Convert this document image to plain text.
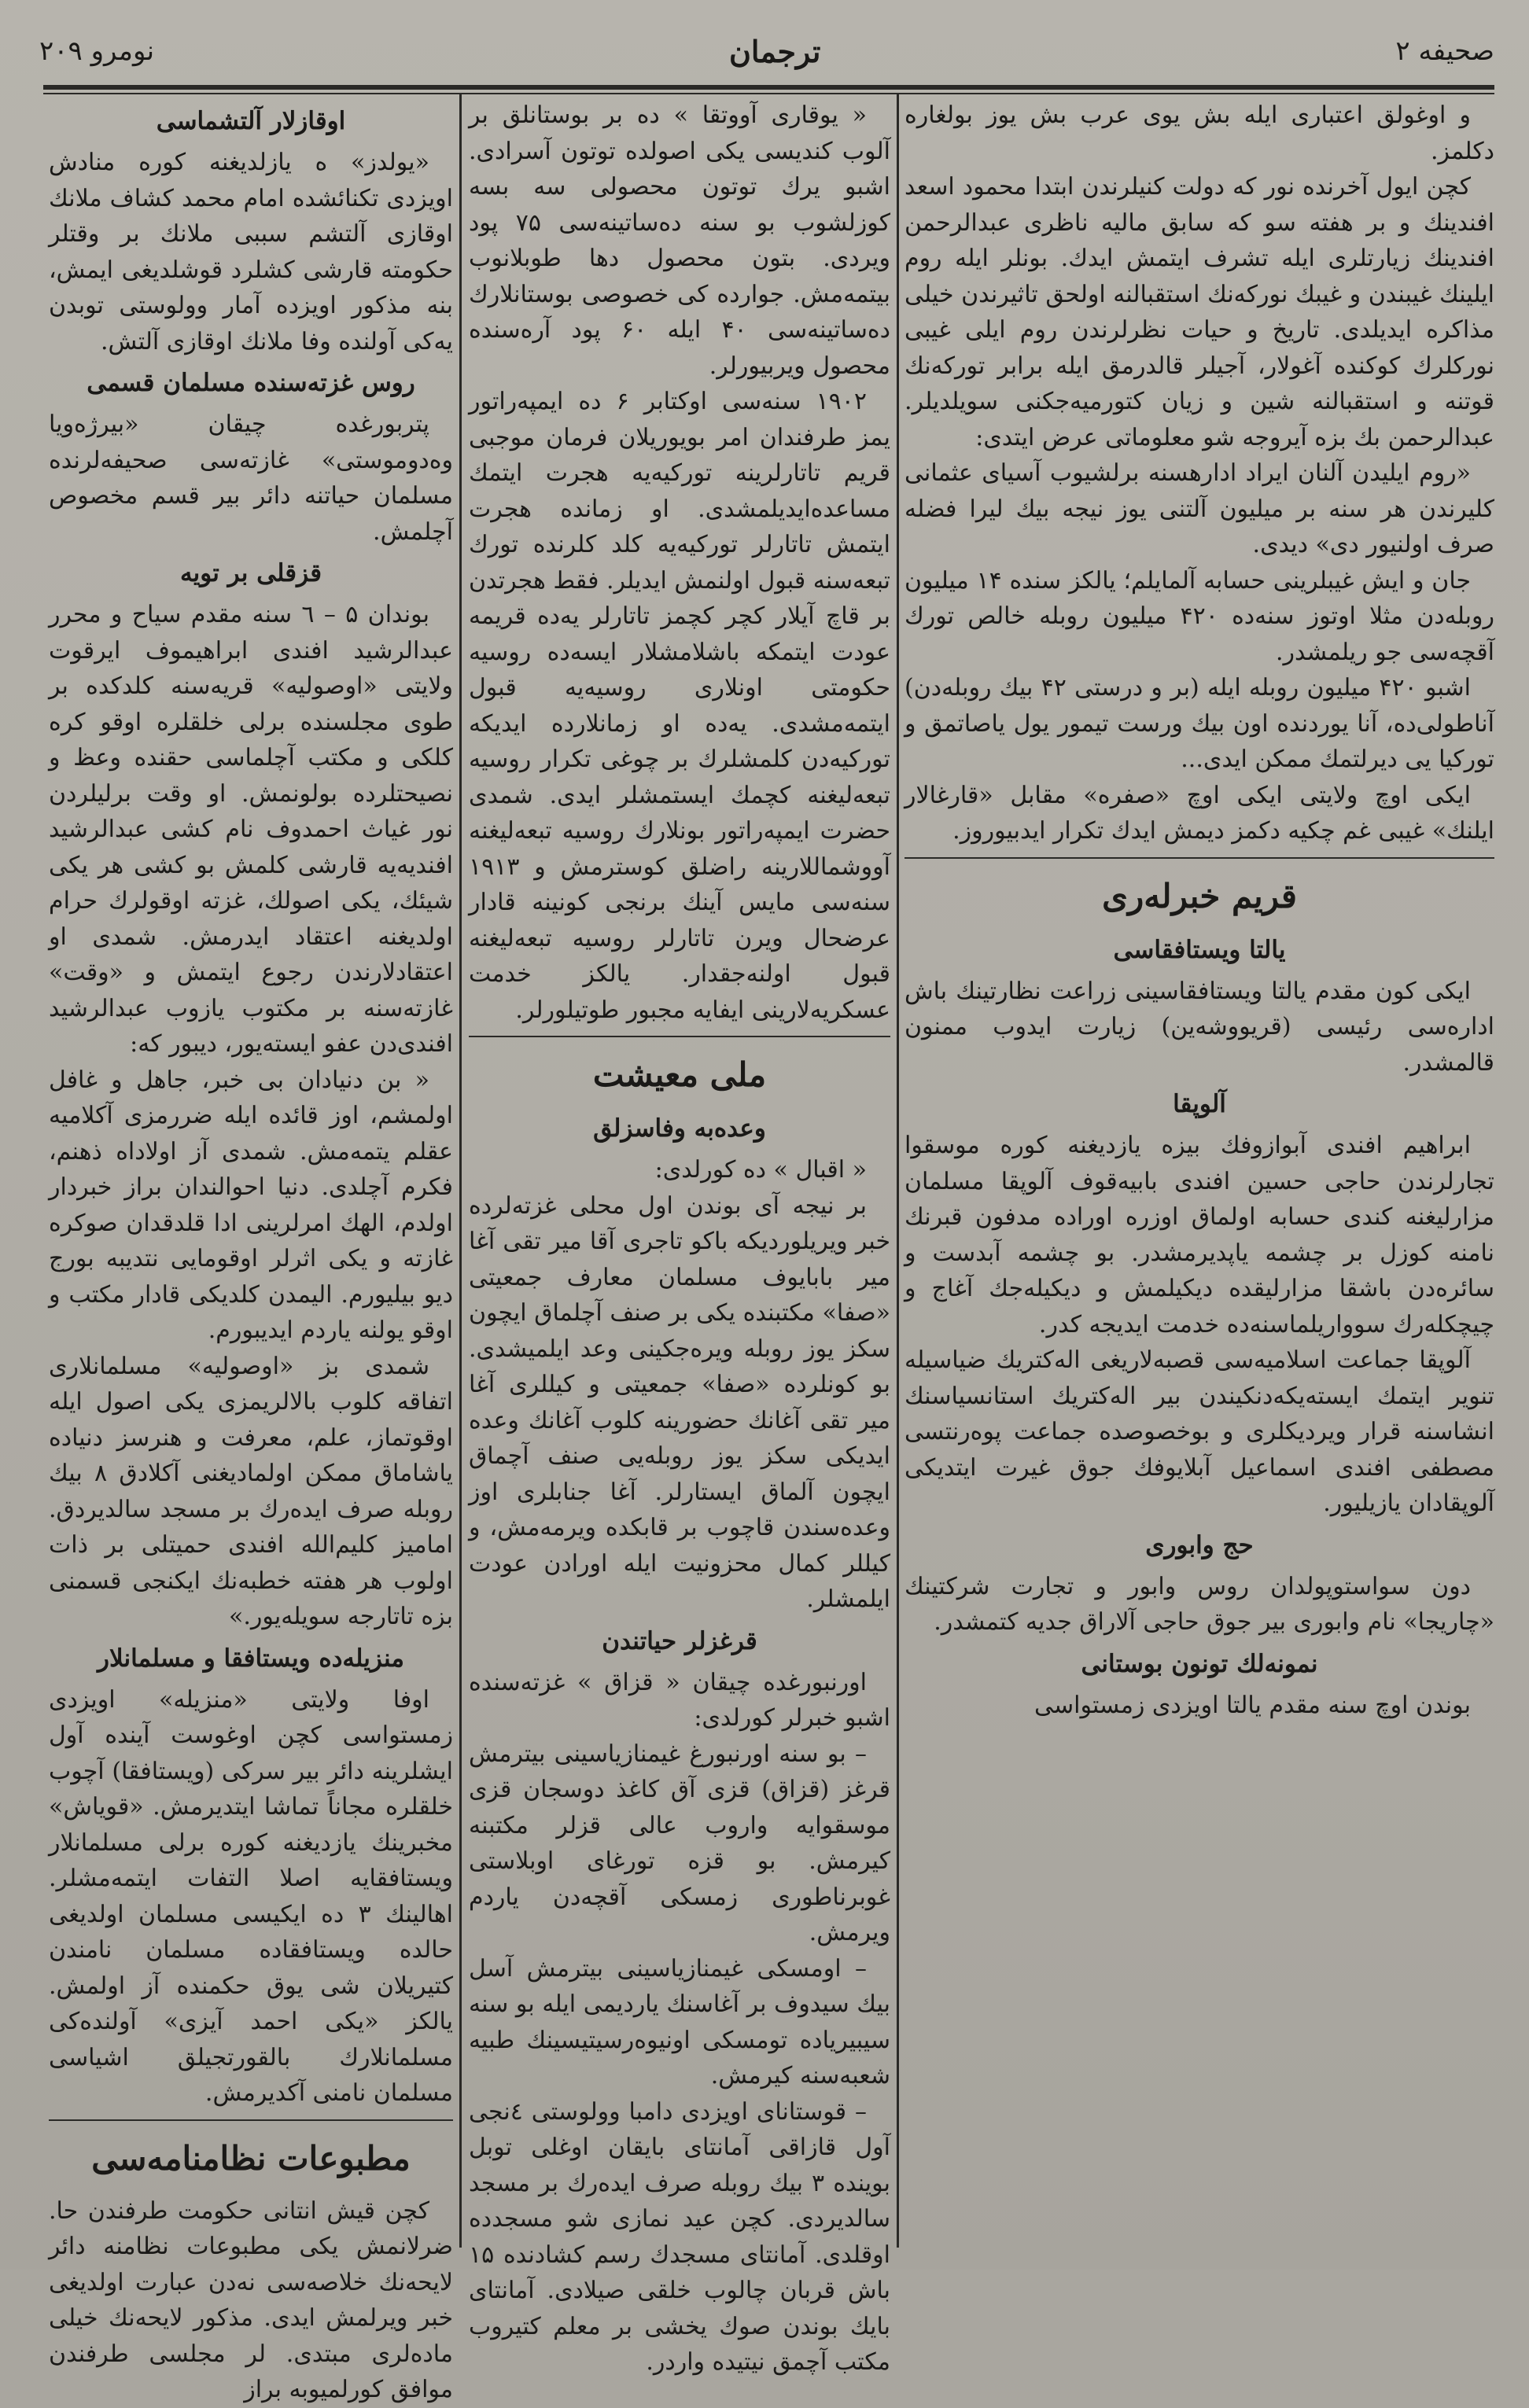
صحیفه ۲
ترجمان
نومرو ۲۰۹

و اوغولق اعتباری ایله‌ بش یوی عرب بش یوز بولغاره دکلمز.

کچن ایول آخرنده نور که دولت کنیلرندن ابتدا محمود اسعد افندینك و بر هفته سو که سابق مالیه ناظری عبدالرحمن افندینك زیارتلری ایله تشرف ایتمش ایدك. بونلر ایله روم ایلینك غیبندن و غیبك نورکه‌نك استقبالنه اولحق تاثیرندن خیلی مذاکره ایدیلدی. تاریخ و حیات نظرلرندن روم ایلی غیبی نورکلرك کوکنده آغولار، آجیلر قالدرمق ایله برابر تورکه‌نك قوتنه و استقبالنه شین و زیان کتورمیه‌جکنی سویلدیلر. عبدالرحمن بك بزه آیروجه شو معلوماتی عرض ایتدی:

«روم ایلیدن آلنان ایراد ادارهسنه برلشیوب آسیای عثمانی کلیرندن هر سنه بر میلیون آلتنی یوز نیجه بیك لیرا فضله صرف اولنیور دی» دیدی.

جان و ایش غیبلرینی حسابه آلمایلم؛ یالکز سنده ۱۴ میلیون روبله‌دن مثلا اوتوز سنه‌ده ۴۲۰ میلیون روبله خالص تورك آقچه‌سی جو ریلمشدر.

اشبو ۴۲۰ میلیون روبله ایله (بر و درستی ۴۲ بیك روبله‌دن) آناطولی‌ده، آنا یوردنده اون بیك ورست تیمور یول یاصاتمق و تورکیا یی دیرلتمك ممکن ایدی...

ایکی اوچ ولایتی ایکی اوچ «صفره» مقابل «قارغالار ایلنك» غیبی غم چکیه دکمز دیمش ایدك تکرار ایدبیوروز.

قریم خبرله‌ری
یالتا ویستافقاسی

ایکی کون مقدم یالتا ویستافقاسینی زراعت نظارتینك باش اداره‌سی رئیسی (قریووشه‌ین) زیارت ایدوب ممنون قالمشدر.

آلوپقا

ابراهیم افندی آبوازوفك بیزه یازدیغنه کوره موسقوا تجارلرندن حاجی حسین افندی بابیه‌قوف آلوپقا مسلمان مزارلیغنه کندی حسابه اولماق اوزره اوراده مدفون قبرنك نامنه کوزل بر چشمه یاپدیرمشدر. بو چشمه آبدست و سائره‌دن باشقا مزارلیقده دیکیلمش و دیکیله‌جك آغاج و چیچکله‌رك سوواریلماسنه‌ده خدمت ایدیجه کدر.

آلوپقا جماعت اسلامیه‌سی قصبه‌لاریغی اله‌کتریك ضیاسیله تنویر ایتمك ایسته‌یکه‌دنکیندن بیر اله‌کتریك استانسیاسنك انشاسنه قرار ویر‌دیکلری و بوخصوصده جماعت پوه‌رنتسی مصطفی افندی اسماعیل آبلایوفك جوق غیرت ایتدیکی آلوپقادان یازیلیور.

حج وابوری

دون سواستوپولدان روس وابور و تجارت شرکتینك «چاریجا» نام وابوری بیر جوق حاجی آلاراق جدیه کتمشدر.

نمونه‌لك تونون بوستانی

بوندن اوچ سنه مقدم یالتا اویزدی زمستواسی

« یوقاری آووتقا » ده بر بوستانلق بر آلوب کندیسی یکی اصولده توتون آسرادی. اشبو یرك توتون محصولی سه بسه کوزلشوب بو سنه ده‌ساتینه‌سی ۷۵ پود ویردی. بتون محصول دها طوبلانوب بیتمه‌مش. جوارده کی خصوصی بوستانلارك ده‌ساتینه‌سی ۴۰ ایله ۶۰ پود آره‌سنده محصول ویربیورلر.

۱۹۰۲ سنه‌سی اوکتابر ۶ ده ایمپه‌راتور یمز طرفندان امر بویوریلان فرمان موجبی قریم تاتارلرینه تورکیه‌یه هجرت ایتمك مساعده‌ایدیلمشدی. او زمانده هجرت ایتمش تاتارلر تورکیه‌یه کلد کلرنده تورك تبعه‌سنه قبول اولنمش ایدیلر. فقط هجرتدن بر قاچ آیلار کچر کچمز تاتارلر یه‌ده قریمه عودت ایتمکه باشلامشلار ایسه‌ده روسیه حکومتی اونلاری روسیه‌یه قبول ایتمه‌مشدی. یه‌ده او زمانلارده ایدیکه تورکیه‌دن کلمشلرك بر چوغی تکرار روسیه تبعه‌لیغنه کچمك ایستمشلر ایدی. شمدی حضرت ایمپه‌راتور بونلارك روسیه تبعه‌لیغنه آووشماللارینه راضلق کوسترمش و ۱۹۱۳ سنه‌سی مایس آینك برنجی کونینه قادار عرضحال ویرن تاتارلر روسیه تبعه‌لیغنه قبول اولنه‌جقدار. یالکز خدمت عسکریه‌لارینی ایفایه مجبور طوتیلورلر.

ملی معیشت
وعده‌به وفاسزلق

« اقبال » ده کورلدی:

بر نیجه آی بوندن اول محلی غزته‌لرده خبر ویریلوردیکه باکو تاجری آقا میر تقی آغا میر بابایوف مسلمان معارف جمعیتی «صفا» مکتبنده یکی بر صنف آچلماق ایچون سکز یوز روبله ویره‌جکینی وعد ایلمیشدی. بو کونلرده «صفا» جمعیتی و کیللری آغا میر تقی آغانك حضورینه کلوب آغانك وعده ایدیکی سکز یوز روبله‌یی صنف آچماق ایچون آلماق ایستارلر. آغا جنابلری اوز وعده‌سندن قاچوب بر قابکده ویرمه‌مش، و کیللر کمال محزونیت ایله اورادن عودت ایلمشلر.

قرغزلر حیاتندن

اورنبورغده چیقان « قزاق » غزته‌سنده اشبو خبرلر کورلدی:

– بو سنه اورنبورغ غیمنازیاسینی بیترمش قرغز (قزاق) قزی آق کاغذ دوسجان قزی موسقوایه واروب عالی قزلر مکتبنه کیرمش. بو قزه تورغای اوبلاستی غوبرناطوری زمسکی آقچه‌دن یاردم ویرمش.

– اومسکی غیمنازیاسینی بیترمش آسل بیك سیدوف بر آغاسنك یاردیمی ایله بو سنه سیبیریاده تومسکی اونیوه‌رسیتیسینك طبیه شعبه‌سنه کیرمش.

– قوستانای اویزدی دامبا وولوستی ٤نجی آول قازاقی آمانتای بایقان اوغلی توبل بوینده ۳ بیك روبله صرف ایده‌رك بر مسجد سالدیردی. کچن عید نمازی شو مسجدده اوقلدی. آمانتای مسجدك رسم کشادنده ۱۵ باش قربان چالوب خلقی صیلادی. آمانتای بایك بوندن صوك یخشی بر معلم کتیروب مکتب آچمق نیتیده واردر.

اوقازلار آلتشماسی

«یولدز» ه یازلدیغنه کوره منادش اویزدی تکنائشده امام محمد کشاف ملانك اوقازی آلتشم سببی ملانك بر وقتلر حکومته قارشی کشلرد قوشلدیغی ایمش، بنه مذکور اویزده آمار وولوستی توبدن یه‌کی آولنده وفا ملانك اوقازی آلتش.

روس غزته‌سنده مسلمان قسمی

پتربورغده چیقان «بیرژه‌ویا وه‌دوموستی» غازته‌سی صحیفه‌لرنده مسلمان حیاتنه دائر بیر قسم مخصوص آچلمش.

قزقلی بر تویه

بوندان ۵ – ٦ سنه مقدم سیاح و محرر عبدالرشید افندی ابراهیموف ایرقوت ولایتی «اوصولیه» قریه‌سنه کلدکده بر طوی مجلسنده برلی خلقلره اوقو کره کلکی و مکتب آچلماسی حقنده وعظ و نصیحتلرده بولونمش. او وقت برلیلردن نور غیاث احمدوف نام کشی عبدالرشید افندیه‌یه قارشی کلمش بو کشی هر یکی شیئك، یکی اصولك، غزته اوقولرك حرام اولدیغنه اعتقاد ایدرمش. شمدی او اعتقادلارندن رجوع ایتمش و «وقت» غازته‌سنه بر مکتوب یازوب عبدالرشید افندی‌دن عفو ایسته‌یور، دیبور که:

« بن دنیادان بی خبر، جاهل و غافل اولمشم، اوز قائده ایله ضررمزی آکلامیه عقلم یتمه‌مش. شمدی آز اولاداه ذهنم، فکرم آچلدی. دنیا احوالندان براز خبردار اولدم، الهك امرلرینی ادا قلدقدان صوکره غازته و یکی اثرلر اوقومایی نتدیبه بورج دیو بیلیورم. الیمدن کلدیکی قادار مکتب و اوقو یولنه یاردم ایدیبورم.

شمدی بز «اوصولیه» مسلمانلاری اتفاقه کلوب بالالریمزی یکی اصول ایله اوقوتماز، علم، معرفت و هنرسز دنیاده یاشاماق ممکن اولمادیغنی آکلادق ۸ بیك روبله صرف ایده‌رك بر مسجد سالدیردق. امامیز کلیم‌الله افندی حمیتلی بر ذات اولوب هر هفته خطبه‌نك ایکنجی قسمنی بزه تاتارجه سویله‌یور.»

منزیله‌ده ویستافقا و مسلمانلار

اوفا ولایتی «منزیله» اویزدی زمستواسی کچن اوغوست آینده آول ایشلرینه دائر بیر سرکی (ویستافقا) آچوب خلقلره مجاناً تماشا ایتدیرمش. «قویاش» مخبرینك یازدیغنه کوره برلی مسلمانلار ویستافقایه اصلا التفات ایتمه‌مشلر. اهالینك ۳ ده ایکیسی مسلمان اولدیغی حالده ویستافقاده مسلمان نامندن کتیریلان شی یوق حکمنده آز اولمش. یالکز «یکی احمد آیزی» آولنده‌کی مسلمانلارك بالقورتجیلق اشیاسی مسلمان نامنی آکدیرمش.

مطبوعات نظامنامه‌سی

کچن قیش انتانی حکومت طرفندن حا. ضرلانمش یکی مطبوعات نظامنه دائر لایحه‌نك خلاصه‌سی نه‌دن عبارت اولدیغی خبر ویرلمش ایدی. مذکور لایحه‌نك خیلی ماده‌لری مبتدی. لر مجلسی طرفندن موافق کورلمیوبه براز
